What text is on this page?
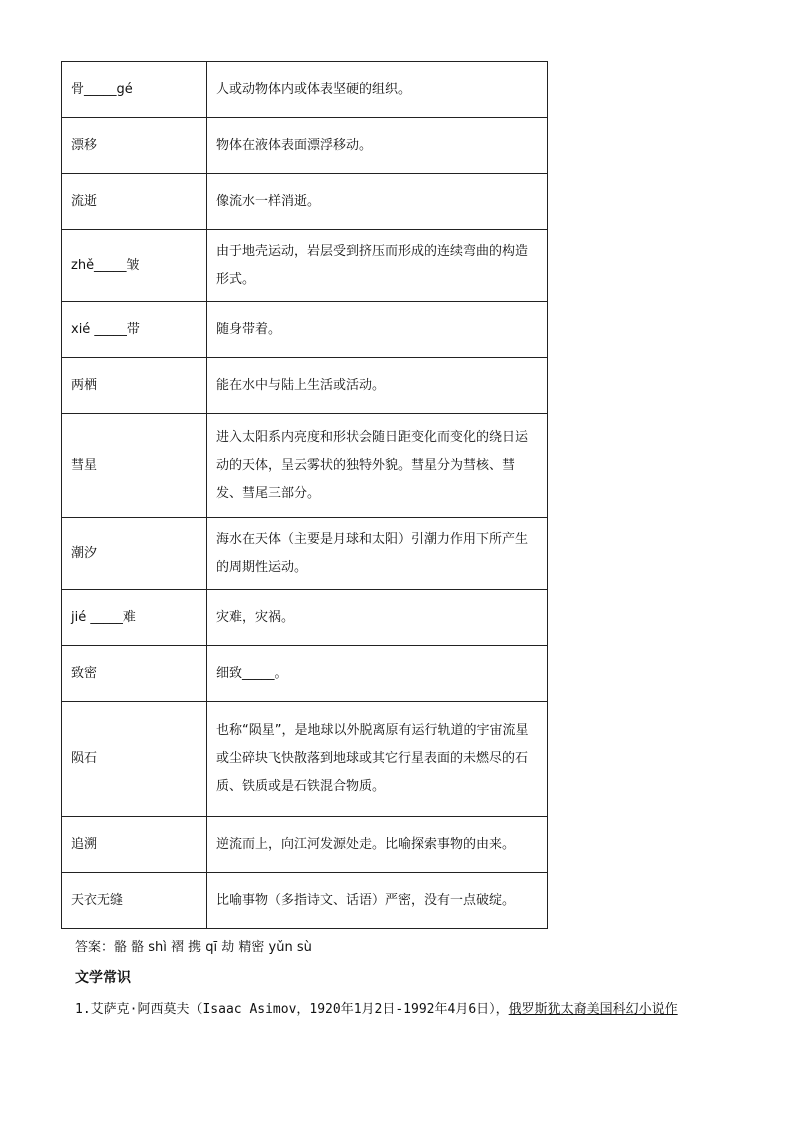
骨_____gé	人或动物体内或体表坚硬的组织。
漂移	物体在液体表面漂浮移动。
流逝	像流水一样消逝。
zhě_____皱	由于地壳运动，岩层受到挤压而形成的连续弯曲的构造形式。
xié _____带	随身带着。
两栖	能在水中与陆上生活或活动。
彗星	进入太阳系内亮度和形状会随日距变化而变化的绕日运动的天体，呈云雾状的独特外貌。彗星分为彗核、彗发、彗尾三部分。
潮汐	海水在天体（主要是月球和太阳）引潮力作用下所产生的周期性运动。
jié _____难	灾难，灾祸。
致密	细致_____。
陨石	也称“陨星”，是地球以外脱离原有运行轨道的宇宙流星或尘碎块飞快散落到地球或其它行星表面的未燃尽的石质、铁质或是石铁混合物质。
追溯	逆流而上，向江河发源处走。比喻探索事物的由来。
天衣无缝	比喻事物（多指诗文、话语）严密，没有一点破绽。
答案：骼 骼 shì 褶 携 qī 劫 精密 yǔn sù
文学常识
1.艾萨克·阿西莫夫（Isaac Asimov，1920年1月2日-1992年4月6日），俄罗斯犹太裔美国科幻小说作
